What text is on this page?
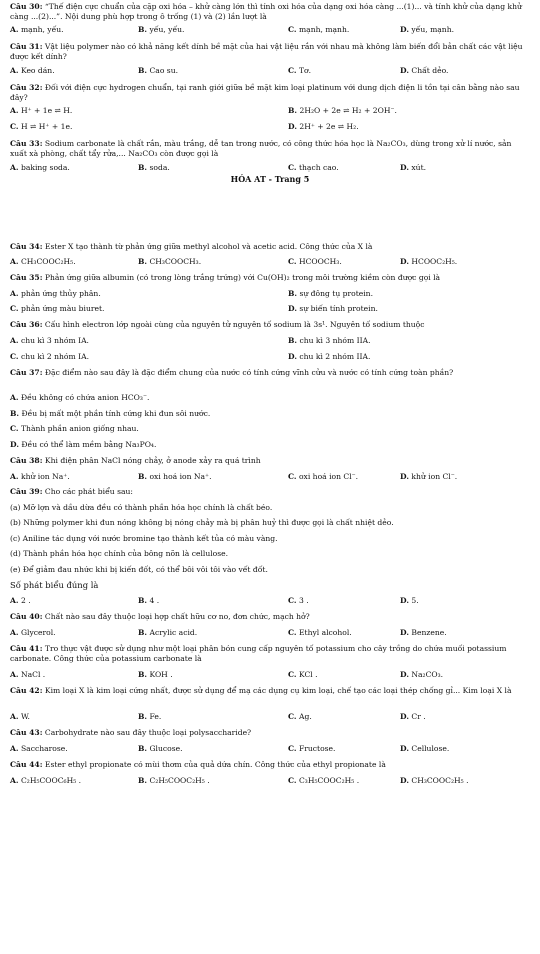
Câu 30: “Thế điện cực chuẩn của cặp oxi hóa – khử càng lớn thì tính oxi hóa của dạng oxi hóa càng ...(1)... và tính khử của dạng khử càng ...(2)...”. Nội dung phù hợp trong ô trống (1) và (2) lần lượt là
A. mạnh, yếu.	B. yếu, yếu.	C. mạnh, mạnh.	D. yếu, mạnh.
Câu 31: Vật liệu polymer nào có khả năng kết dính bề mặt của hai vật liệu rắn với nhau mà không làm biến đổi bản chất các vật liệu được kết dính?
A. Keo dán.	B. Cao su.	C. Tơ.	D. Chất dẻo.
Câu 32: Đối với điện cực hydrogen chuẩn, tại ranh giới giữa bề mặt kim loại platinum với dung dịch điện li tồn tại cân bằng nào sau đây?
A. H⁺ + 1e ⇌ H.	B. 2H₂O + 2e ⇌ H₂ + 2OH⁻.
C. H ⇌ H⁺ + 1e.	D. 2H⁺ + 2e ⇌ H₂.
Câu 33: Sodium carbonate là chất rắn, màu trắng, dễ tan trong nước, có công thức hóa học là Na₂CO₃, dùng trong xử lí nước, sản xuất xà phòng, chất tẩy rửa,... Na₂CO₃ còn được gọi là
A. baking soda.	B. soda.	C. thạch cao.	D. xút.
HÓA AT - Trang 5
Câu 34: Ester X tạo thành từ phản ứng giữa methyl alcohol và acetic acid. Công thức của X là
A. CH₃COOC₂H₅.	B. CH₃COOCH₃.	C. HCOOCH₃.	D. HCOOC₂H₅.
Câu 35: Phản ứng giữa albumin (có trong lòng trắng trứng) với Cu(OH)₂ trong môi trường kiềm còn được gọi là
A. phản ứng thủy phân.	B. sự đông tụ protein.
C. phản ứng màu biuret.	D. sự biến tính protein.
Câu 36: Cấu hình electron lớp ngoài cùng của nguyên tử nguyên tố sodium là 3s¹. Nguyên tố sodium thuộc
A. chu kì 3 nhóm IA.	B. chu kì 3 nhóm IIA.
C. chu kì 2 nhóm IA.	D. chu kì 2 nhóm IIA.
Câu 37: Đặc điểm nào sau đây là đặc điểm chung của nước có tính cứng vĩnh cửu và nước có tính cứng toàn phần?
A. Đều không có chứa anion HCO₃⁻.
B. Đều bị mất một phần tính cứng khi đun sôi nước.
C. Thành phần anion giống nhau.
D. Đều có thể làm mềm bằng Na₃PO₄.
Câu 38: Khi điện phân NaCl nóng chảy, ở anode xảy ra quá trình
A. khử ion Na⁺.	B. oxi hoá ion Na⁺.	C. oxi hoá ion Cl⁻.	D. khử ion Cl⁻.
Câu 39: Cho các phát biểu sau:
(a) Mỡ lợn và dầu dừa đều có thành phần hóa học chính là chất béo.
(b) Những polymer khi đun nóng không bị nóng chảy mà bị phân huỷ thì được gọi là chất nhiệt dẻo.
(c) Aniline tác dụng với nước bromine tạo thành kết tủa có màu vàng.
(d) Thành phần hóa học chính của bông nõn là cellulose.
(e) Để giảm đau nhức khi bị kiến đốt, có thể bôi vôi tôi vào vết đốt.
Số phát biểu đúng là
A. 2 .	B. 4 .	C. 3 .	D. 5.
Câu 40: Chất nào sau đây thuộc loại hợp chất hữu cơ no, đơn chức, mạch hở?
A. Glycerol.	B. Acrylic acid.	C. Ethyl alcohol.	D. Benzene.
Câu 41: Tro thực vật được sử dụng như một loại phân bón cung cấp nguyên tố potassium cho cây trồng do chứa muối potassium carbonate. Công thức của potassium carbonate là
A. NaCl .	B. KOH .	C. KCl .	D. Na₂CO₃.
Câu 42: Kim loại X là kim loại cứng nhất, được sử dụng để mạ các dụng cụ kim loại, chế tạo các loại thép chống gỉ... Kim loại X là
A. W.	B. Fe.	C. Ag.	D. Cr .
Câu 43: Carbohydrate nào sau đây thuộc loại polysaccharide?
A. Saccharose.	B. Glucose.	C. Fructose.	D. Cellulose.
Câu 44: Ester ethyl propionate có mùi thơm của quả dứa chín. Công thức của ethyl propionate là
A. C₂H₅COOC₆H₅ .	B. C₂H₅COOC₂H₅ .	C. C₃H₅COOC₂H₅ .	D. CH₃COOC₂H₅ .
